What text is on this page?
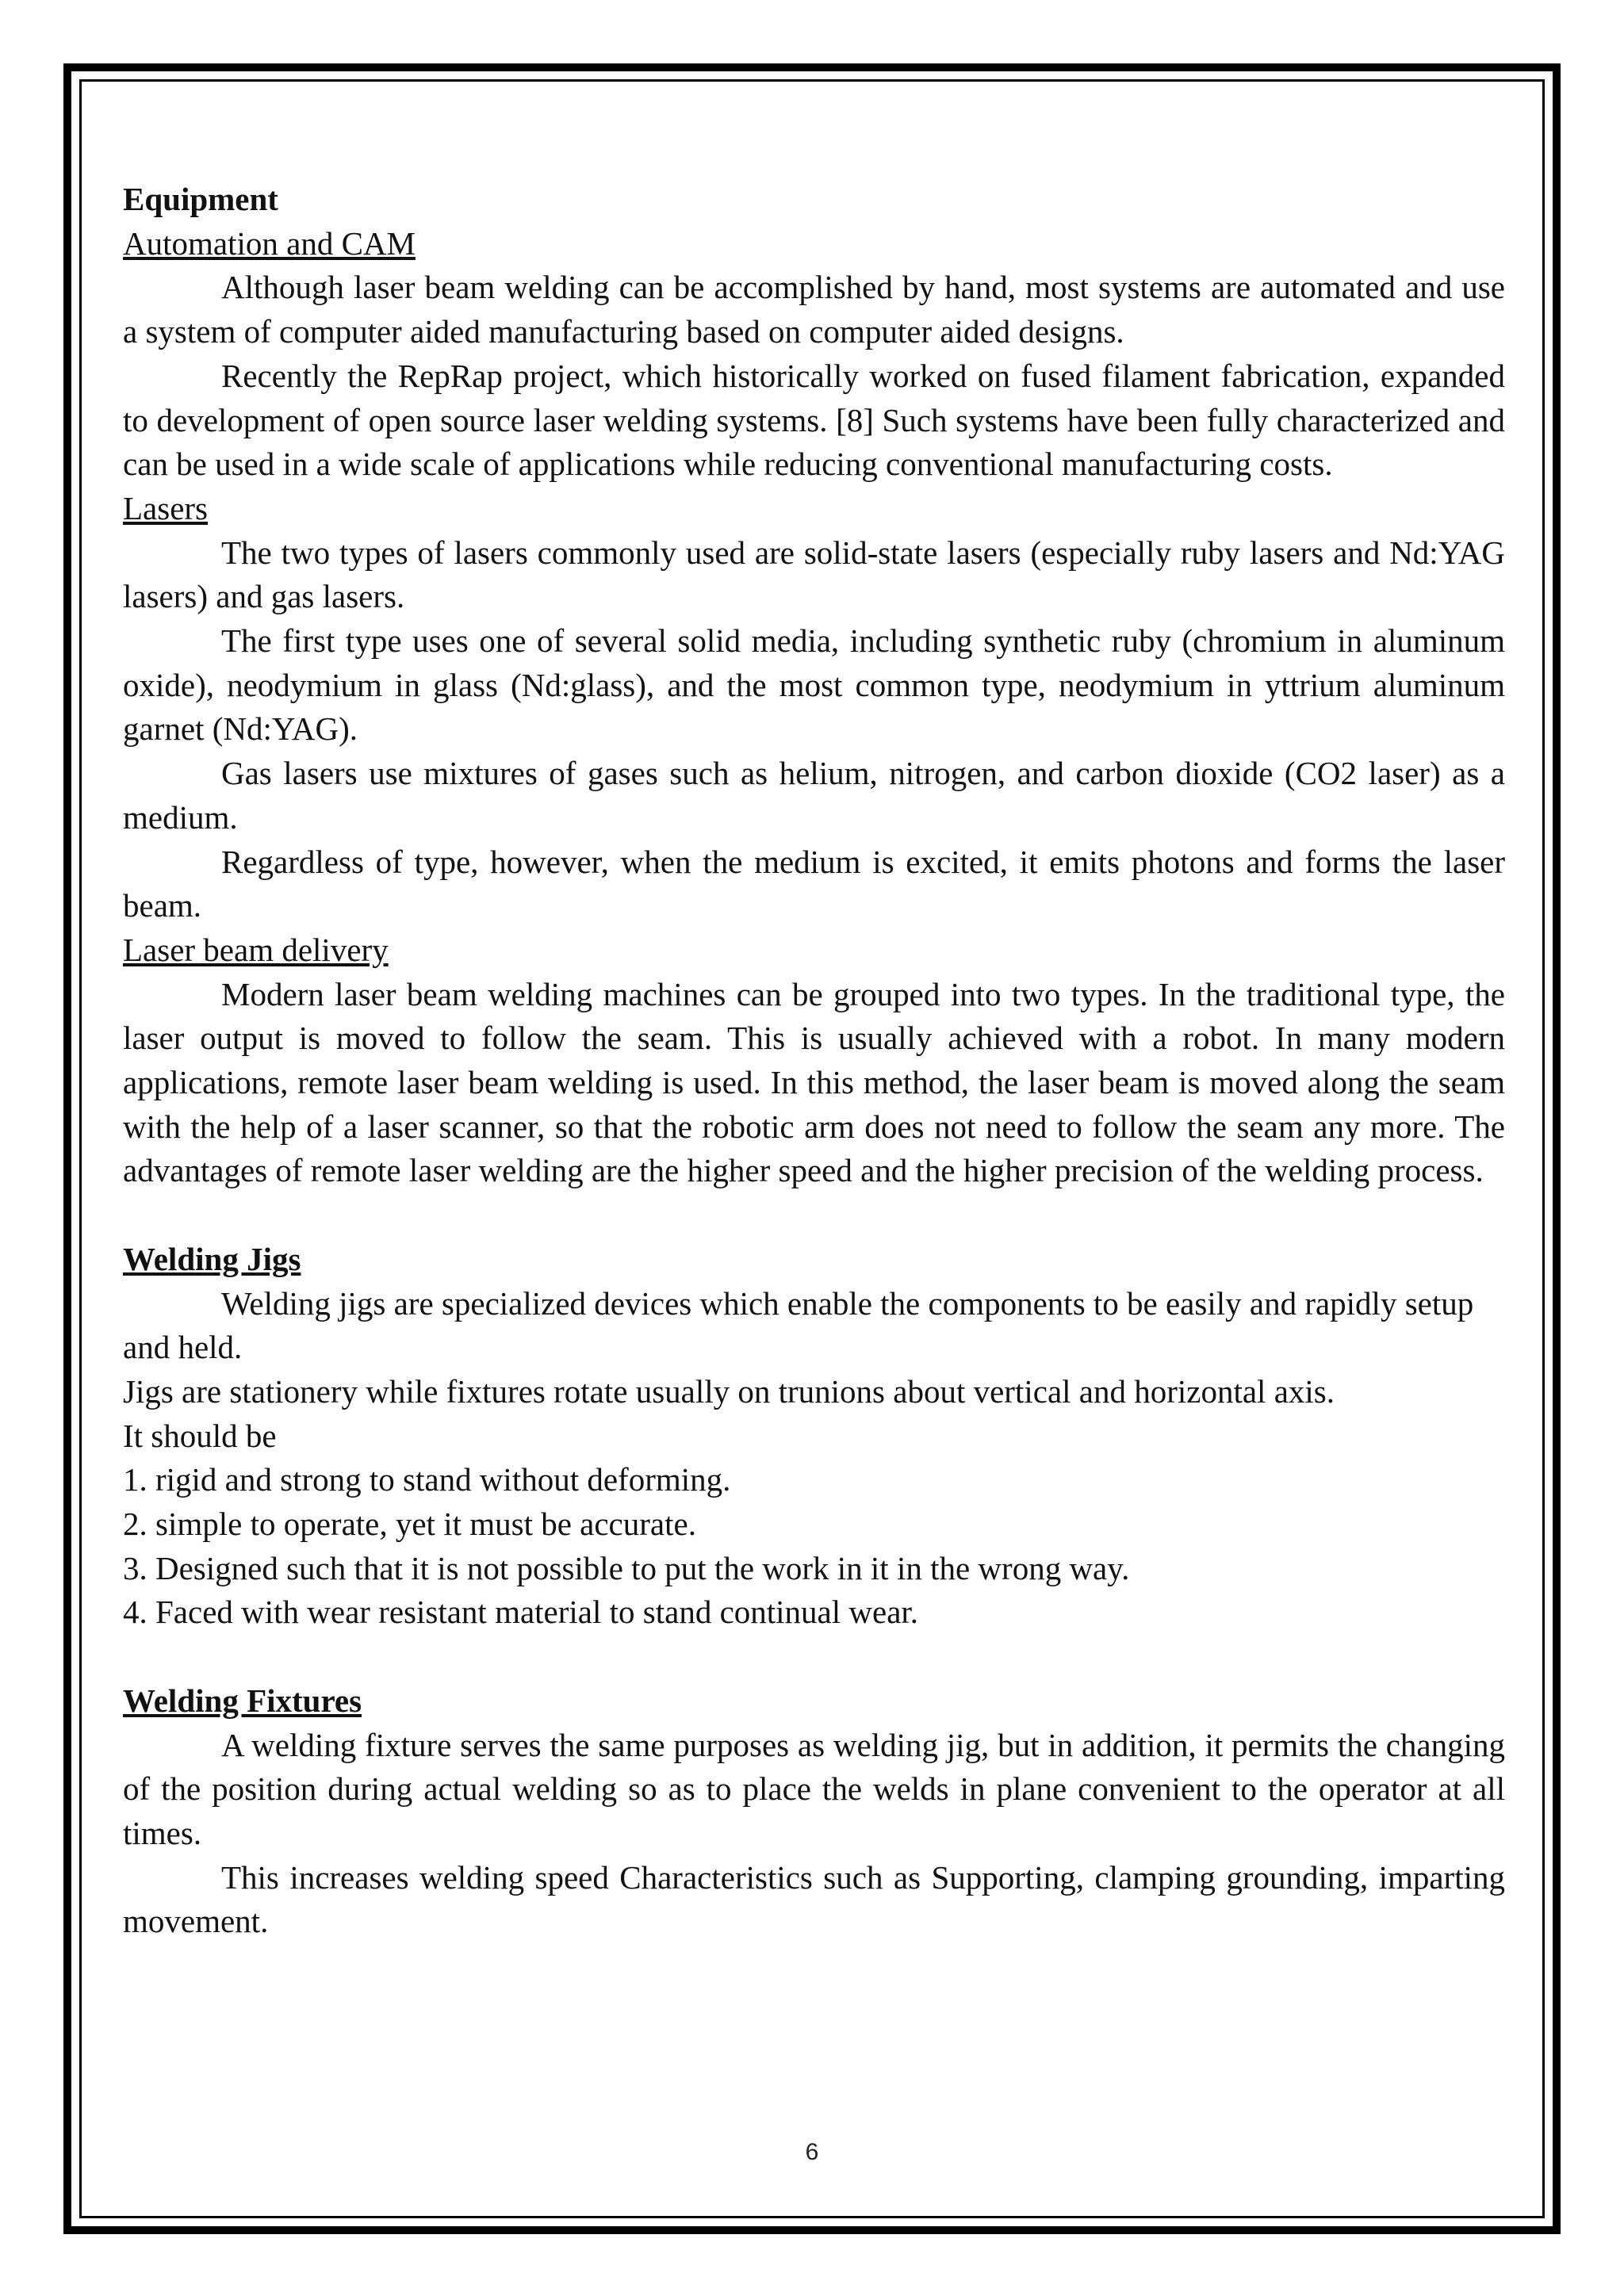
Equipment
Automation and CAM

Although laser beam welding can be accomplished by hand, most systems are automated and use a system of computer aided manufacturing based on computer aided designs.

Recently the RepRap project, which historically worked on fused filament fabrication, expanded to development of open source laser welding systems. [8] Such systems have been fully characterized and can be used in a wide scale of applications while reducing conventional manufacturing costs.

Lasers

The two types of lasers commonly used are solid-state lasers (especially ruby lasers and Nd:YAG lasers) and gas lasers.

The first type uses one of several solid media, including synthetic ruby (chromium in aluminum oxide), neodymium in glass (Nd:glass), and the most common type, neodymium in yttrium aluminum garnet (Nd:YAG).

Gas lasers use mixtures of gases such as helium, nitrogen, and carbon dioxide (CO2 laser) as a medium.

Regardless of type, however, when the medium is excited, it emits photons and forms the laser beam.

Laser beam delivery

Modern laser beam welding machines can be grouped into two types. In the traditional type, the laser output is moved to follow the seam. This is usually achieved with a robot. In many modern applications, remote laser beam welding is used. In this method, the laser beam is moved along the seam with the help of a laser scanner, so that the robotic arm does not need to follow the seam any more. The advantages of remote laser welding are the higher speed and the higher precision of the welding process.

Welding Jigs

Welding jigs are specialized devices which enable the components to be easily and rapidly setup and held.

Jigs are stationery while fixtures rotate usually on trunions about vertical and horizontal axis.

It should be

1. rigid and strong to stand without deforming.
2. simple to operate, yet it must be accurate.
3. Designed such that it is not possible to put the work in it in the wrong way.
4. Faced with wear resistant material to stand continual wear.
Welding Fixtures

A welding fixture serves the same purposes as welding jig, but in addition, it permits the changing of the position during actual welding so as to place the welds in plane convenient to the operator at all times.

This increases welding speed Characteristics such as Supporting, clamping grounding, imparting movement.

6
